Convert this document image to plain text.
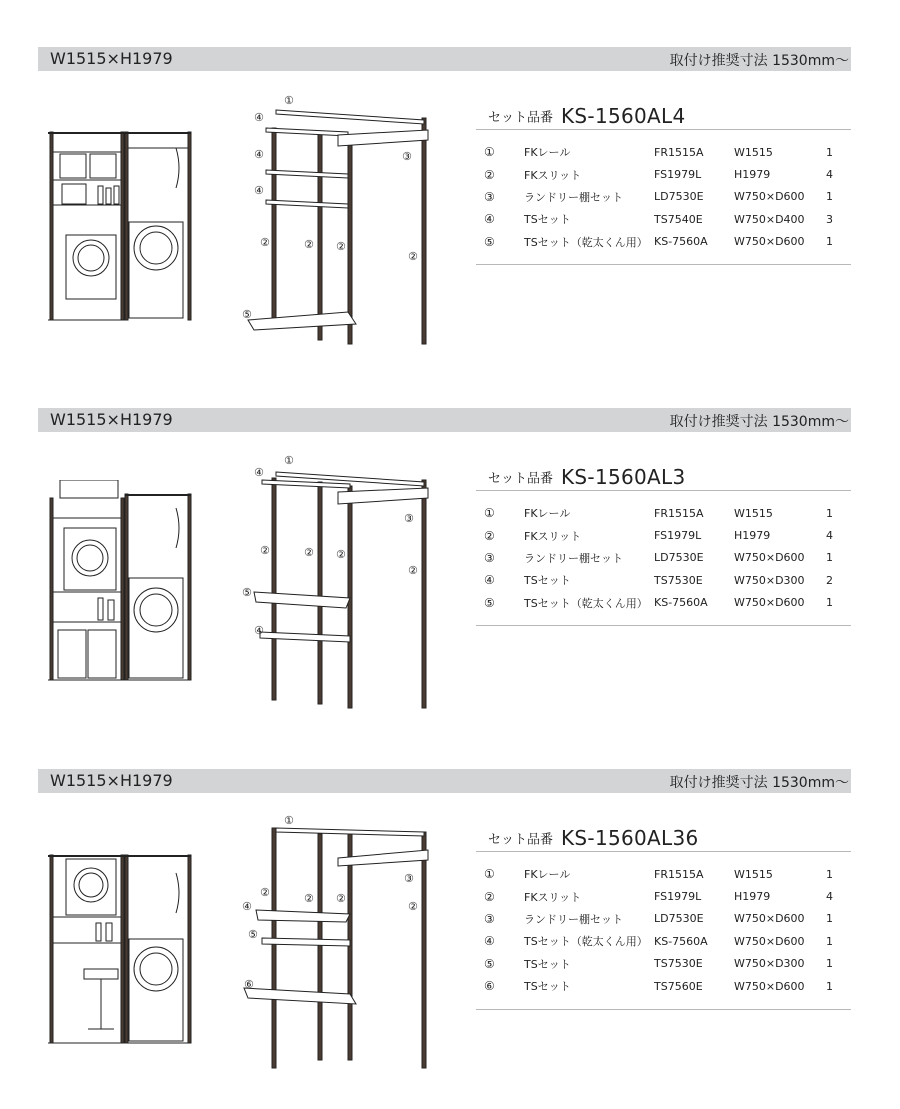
W1515×H1979	取付け推奨寸法 1530mm〜
①
④
④
④
③
②	② ②
②
⑤
セット品番 KS-1560AL4
①	FKレール	FR1515A	W1515	1
②	FKスリット	FS1979L	H1979	4
③	ランドリー棚セット	LD7530E	W750×D600	1
④	TSセット	TS7540E	W750×D400	3
⑤	TSセット（乾太くん用）	KS-7560A	W750×D600	1
W1515×H1979	取付け推奨寸法 1530mm〜
①
④
③
②	② ②
②
⑤
④
セット品番 KS-1560AL3
①	FKレール	FR1515A	W1515	1
②	FKスリット	FS1979L	H1979	4
③	ランドリー棚セット	LD7530E	W750×D600	1
④	TSセット	TS7530E	W750×D300	2
⑤	TSセット（乾太くん用）	KS-7560A	W750×D600	1
W1515×H1979	取付け推奨寸法 1530mm〜
①
③
②	② ②
②
④
⑤
⑥
セット品番 KS-1560AL36
①	FKレール	FR1515A	W1515	1
②	FKスリット	FS1979L	H1979	4
③	ランドリー棚セット	LD7530E	W750×D600	1
④	TSセット（乾太くん用）	KS-7560A	W750×D600	1
⑤	TSセット	TS7530E	W750×D300	1
⑥	TSセット	TS7560E	W750×D600	1
